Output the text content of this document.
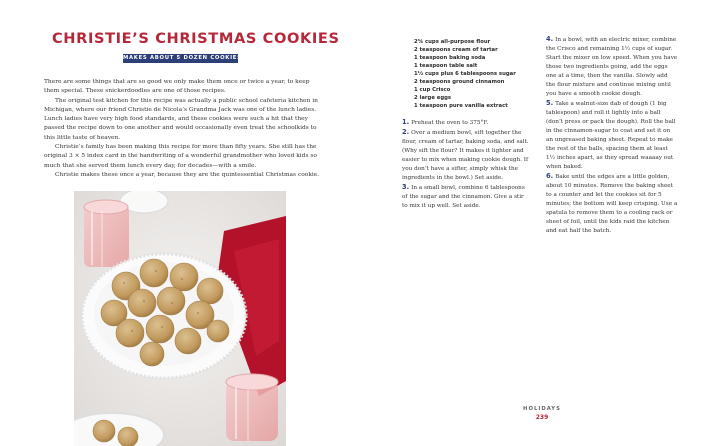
CHRISTIE’S CHRISTMAS COOKIES
MAKES ABOUT 5 DOZEN COOKIES

There are some things that are so good we only make them once or twice a year, to keep them special. These snickerdoodles are one of those recipes.

The original test kitchen for this recipe was actually a public school cafeteria kitchen in Michigan, where our friend Christie de Nicola’s Grandma Jack was one of the lunch ladies. Lunch ladies have very high food standards, and these cookies were such a hit that they passed the recipe down to one another and would occasionally even treat the schoolkids to this little taste of heaven.

Christie’s family has been making this recipe for more than fifty years. She still has the original 3 × 5 index card in the handwriting of a wonderful grandmother who loved kids so much that she served them lunch every day, for decades—with a smile.

Christie makes these once a year, because they are the quintessential Christmas cookie.

2¾ cups all-purpose flour
2 teaspoons cream of tartar
1 teaspoon baking soda
1 teaspoon table salt
1½ cups plus 6 tablespoons sugar
2 teaspoons ground cinnamon
1 cup Crisco
2 large eggs
1 teaspoon pure vanilla extract

1. Preheat the oven to 375°F.

2. Over a medium bowl, sift together the flour, cream of tartar, baking soda, and salt. (Why sift the flour? It makes it lighter and easier to mix when making cookie dough. If you don’t have a sifter, simply whisk the ingredients in the bowl.) Set aside.

3. In a small bowl, combine 6 tablespoons of the sugar and the cinnamon. Give a stir to mix it up well. Set aside.

4. In a bowl, with an electric mixer, combine the Crisco and remaining 1½ cups of sugar. Start the mixer on low speed. When you have those two ingredients going, add the eggs one at a time, then the vanilla. Slowly add the flour mixture and continue mixing until you have a smooth cookie dough.

5. Take a walnut-size dab of dough (1 big tablespoon) and roll it lightly into a ball (don’t press or pack the dough). Roll the ball in the cinnamon-sugar to coat and set it on an ungreased baking sheet. Repeat to make the rest of the balls, spacing them at least 1½ inches apart, as they spread waaaay out when baked.

6. Bake until the edges are a little golden, about 10 minutes. Remove the baking sheet to a counter and let the cookies sit for 5 minutes; the bottom will keep crisping. Use a spatula to remove them to a cooling rack or sheet of foil, until the kids raid the kitchen and eat half the batch.

HOLIDAYS
239
